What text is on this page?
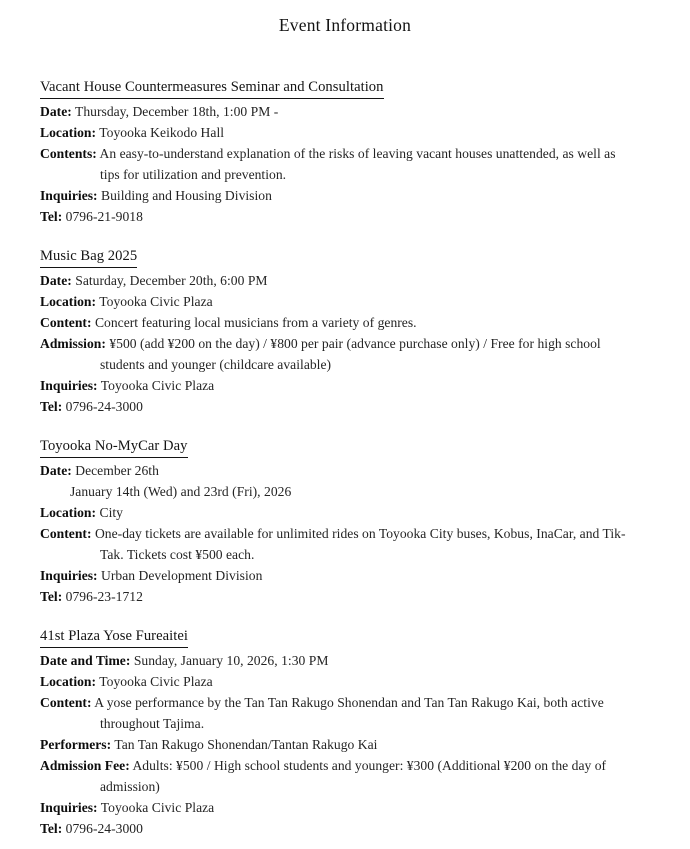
Event Information
Vacant House Countermeasures Seminar and Consultation

Date: Thursday, December 18th, 1:00 PM -

Location: Toyooka Keikodo Hall

Contents: An easy-to-understand explanation of the risks of leaving vacant houses unattended, as well as tips for utilization and prevention.

Inquiries: Building and Housing Division

Tel: 0796-21-9018

Music Bag 2025

Date: Saturday, December 20th, 6:00 PM

Location: Toyooka Civic Plaza

Content: Concert featuring local musicians from a variety of genres.

Admission: ¥500 (add ¥200 on the day) / ¥800 per pair (advance purchase only) / Free for high school students and younger (childcare available)

Inquiries: Toyooka Civic Plaza

Tel: 0796-24-3000

Toyooka No-MyCar Day

Date: December 26th

January 14th (Wed) and 23rd (Fri), 2026

Location: City

Content: One-day tickets are available for unlimited rides on Toyooka City buses, Kobus, InaCar, and Tik-Tak. Tickets cost ¥500 each.

Inquiries: Urban Development Division

Tel: 0796-23-1712

41st Plaza Yose Fureaitei

Date and Time: Sunday, January 10, 2026, 1:30 PM

Location: Toyooka Civic Plaza

Content: A yose performance by the Tan Tan Rakugo Shonendan and Tan Tan Rakugo Kai, both active throughout Tajima.

Performers: Tan Tan Rakugo Shonendan/Tantan Rakugo Kai

Admission Fee: Adults: ¥500 / High school students and younger: ¥300 (Additional ¥200 on the day of admission)

Inquiries: Toyooka Civic Plaza

Tel: 0796-24-3000
